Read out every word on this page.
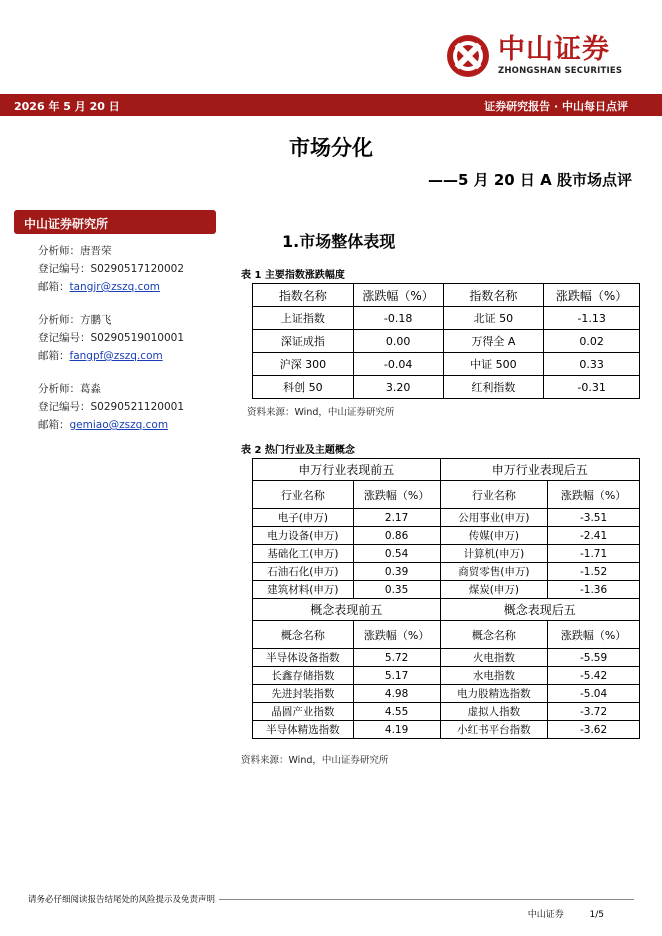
中山证券
ZHONGSHAN SECURITIES
2026 年 5 月 20 日	证券研究报告 · 中山每日点评
市场分化
——5 月 20 日 A 股市场点评
中山证券研究所
分析师：唐晋荣
登记编号：S0290517120002
邮箱：tangjr@zszq.com
分析师：方鹏飞
登记编号：S0290519010001
邮箱：fangpf@zszq.com
分析师：葛淼
登记编号：S0290521120001
邮箱：gemiao@zszq.com
1.市场整体表现
表 1 主要指数涨跌幅度
指数名称	涨跌幅（%）	指数名称	涨跌幅（%）
上证指数	-0.18	北证 50	-1.13
深证成指	0.00	万得全 A	0.02
沪深 300	-0.04	中证 500	0.33
科创 50	3.20	红利指数	-0.31
资料来源：Wind，中山证券研究所
表 2 热门行业及主题概念
申万行业表现前五		申万行业表现后五	
行业名称	涨跌幅（%）	行业名称	涨跌幅（%）
电子(申万)	2.17	公用事业(申万)	-3.51
电力设备(申万)	0.86	传媒(申万)	-2.41
基础化工(申万)	0.54	计算机(申万)	-1.71
石油石化(申万)	0.39	商贸零售(申万)	-1.52
建筑材料(申万)	0.35	煤炭(申万)	-1.36
概念表现前五		概念表现后五	
概念名称	涨跌幅（%）	概念名称	涨跌幅（%）
半导体设备指数	5.72	火电指数	-5.59
长鑫存储指数	5.17	水电指数	-5.42
先进封装指数	4.98	电力股精选指数	-5.04
晶圆产业指数	4.55	虚拟人指数	-3.72
半导体精选指数	4.19	小红书平台指数	-3.62
资料来源：Wind，中山证券研究所
请务必仔细阅读报告结尾处的风险提示及免责声明
中山证券	1/5
